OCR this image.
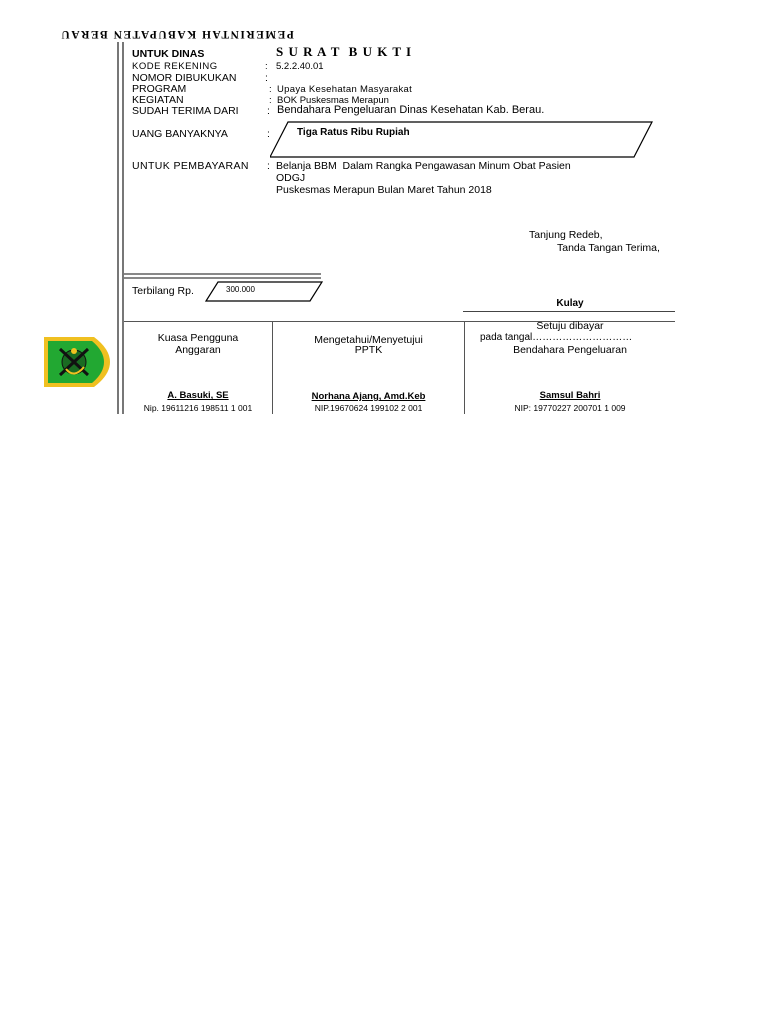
PEMERINTAH KABUPATEN BERAU
UNTUK DINAS	S U R A T  B U K T I
KODE REKENING	: 5.2.2.40.01
NOMOR DIBUKUKAN	:
PROGRAM	: Upaya Kesehatan Masyarakat
KEGIATAN	: BOK Puskesmas Merapun
SUDAH TERIMA DARI	: Bendahara Pengeluaran Dinas Kesehatan Kab. Berau.
UANG BANYAKNYA	:	Tiga Ratus Ribu Rupiah
UNTUK PEMBAYARAN : Belanja BBM  Dalam Rangka Pengawasan Minum Obat Pasien
ODGJ
Puskesmas Merapun Bulan Maret Tahun 2018
Tanjung Redeb,
Tanda Tangan Terima,
Terbilang Rp.	300.000
Kulay
Kuasa Pengguna
Anggaran
A. Basuki, SE
Nip. 19611216 198511 1 001
Mengetahui/Menyetujui
PPTK
Norhana Ajang, Amd.Keb
NIP.19670624 199102 2 001
Setuju dibayar
pada tangal…………………………
Bendahara Pengeluaran
Samsul Bahri
NIP: 19770227 200701 1 009
